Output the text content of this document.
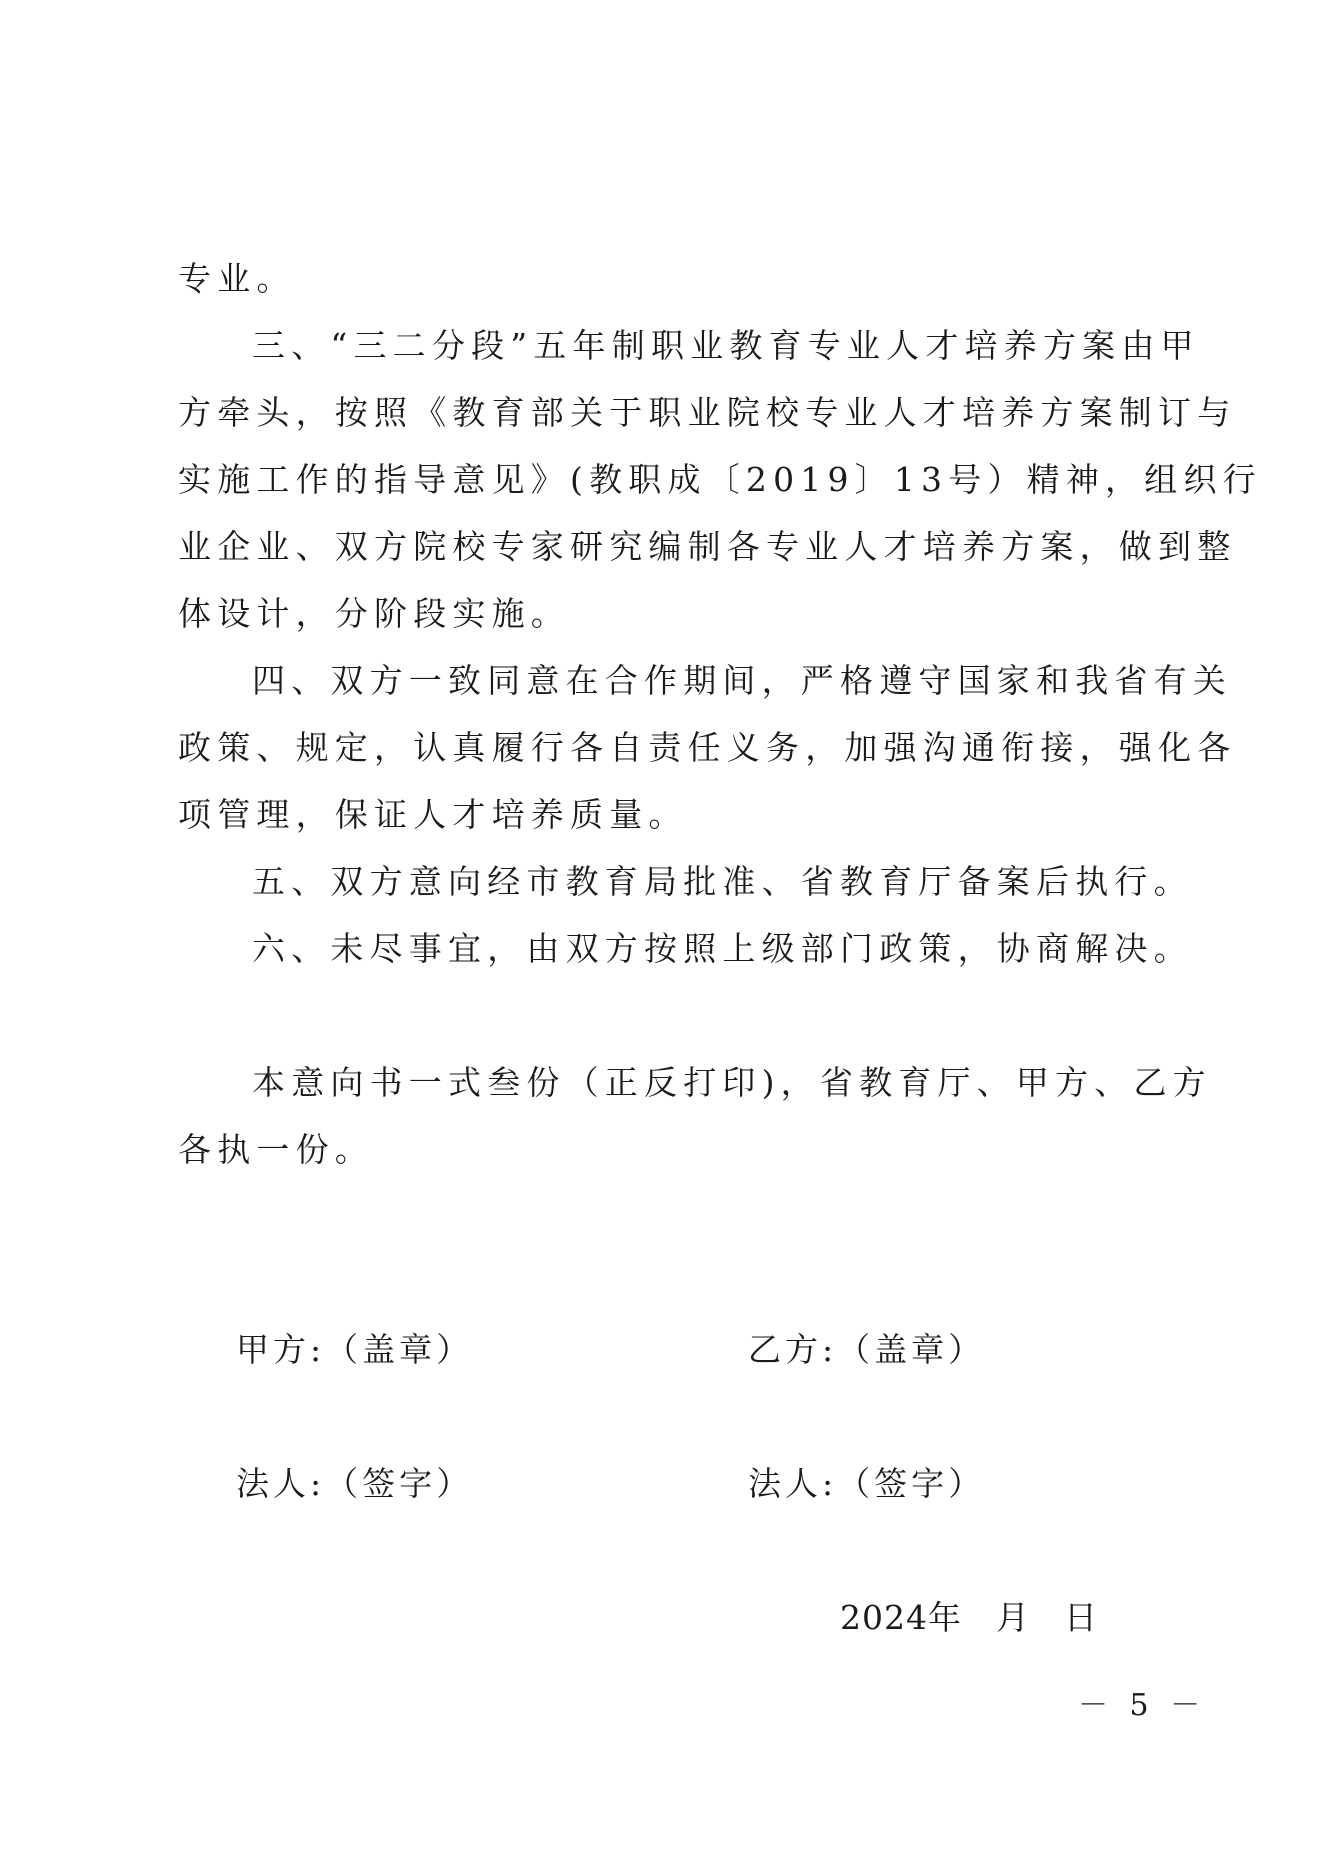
专业。
三、“三二分段”五年制职业教育专业人才培养方案由甲
方牵头，按照《教育部关于职业院校专业人才培养方案制订与
实施工作的指导意见》(教职成〔2019〕13号）精神，组织行
业企业、双方院校专家研究编制各专业人才培养方案，做到整
体设计，分阶段实施。
四、双方一致同意在合作期间，严格遵守国家和我省有关
政策、规定，认真履行各自责任义务，加强沟通衔接，强化各
项管理，保证人才培养质量。
五、双方意向经市教育局批准、省教育厅备案后执行。
六、未尽事宜，由双方按照上级部门政策，协商解决。
本意向书一式叁份（正反打印)，省教育厅、甲方、乙方
各执一份。
甲方:（盖章）	乙方:（盖章）
法人:（签字）	法人:（签字）
2024年　月　日
－ 5 －
